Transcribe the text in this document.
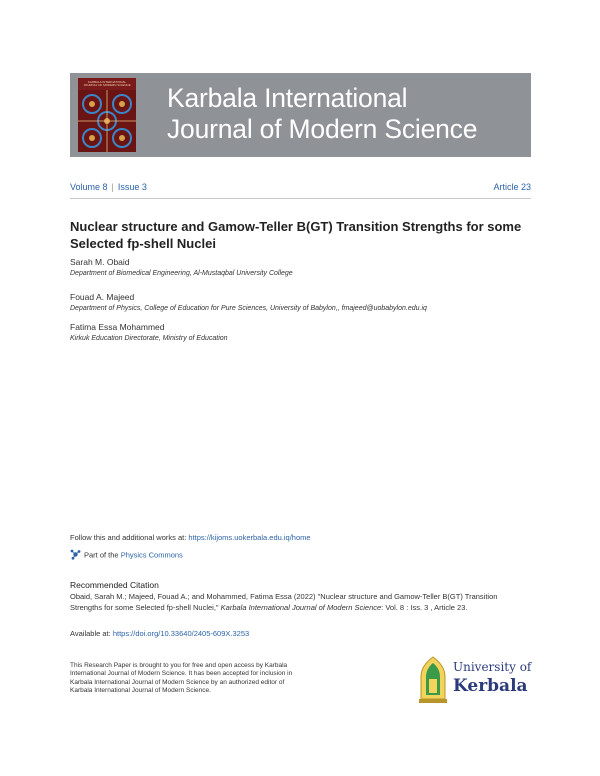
KARBALA INTERNATIONAL JOURNAL OF MODERN SCIENCE Karbala International
Journal of Modern Science
Volume 8 | Issue 3	Article 23
Nuclear structure and Gamow-Teller B(GT) Transition Strengths for some Selected fp-shell Nuclei
Sarah M. Obaid
Department of Biomedical Engineering, Al-Mustaqbal University College
Fouad A. Majeed
Department of Physics, College of Education for Pure Sciences, University of Babylon,, fmajeed@uobabylon.edu.iq
Fatima Essa Mohammed
Kirkuk Education Directorate, Ministry of Education
Follow this and additional works at: https://kijoms.uokerbala.edu.iq/home
Part of the Physics Commons
Recommended Citation
Obaid, Sarah M.; Majeed, Fouad A.; and Mohammed, Fatima Essa (2022) "Nuclear structure and Gamow-Teller B(GT) Transition Strengths for some Selected fp-shell Nuclei," Karbala International Journal of Modern Science: Vol. 8 : Iss. 3 , Article 23.
Available at: https://doi.org/10.33640/2405-609X.3253
This Research Paper is brought to you for free and open access by Karbala International Journal of Modern Science. It has been accepted for inclusion in Karbala International Journal of Modern Science by an authorized editor of Karbala International Journal of Modern Science.
University of
Kerbala
